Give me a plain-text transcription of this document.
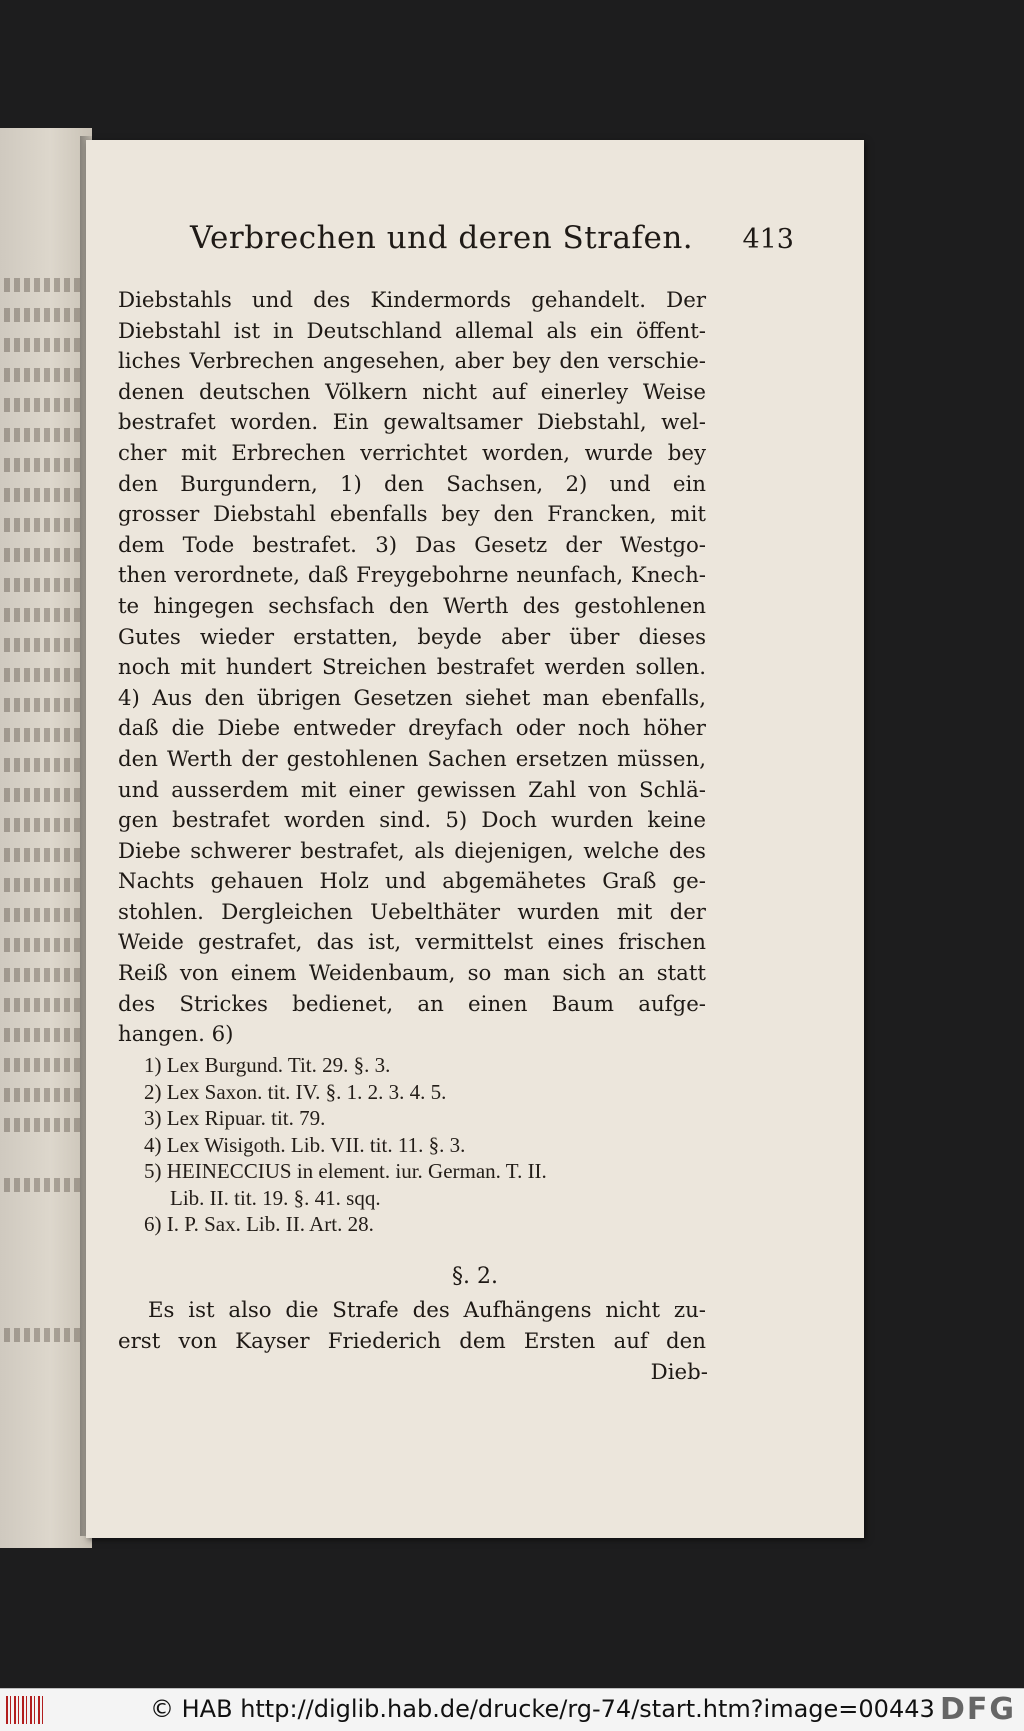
Verbrechen und deren Strafen. 413
Diebstahls und des Kindermords gehandelt. Der
Diebstahl ist in Deutschland allemal als ein öffent-
liches Verbrechen angesehen, aber bey den verschie-
denen deutschen Völkern nicht auf einerley Weise
bestrafet worden. Ein gewaltsamer Diebstahl, wel-
cher mit Erbrechen verrichtet worden, wurde bey
den Burgundern, 1) den Sachsen, 2) und ein
grosser Diebstahl ebenfalls bey den Francken, mit
dem Tode bestrafet. 3) Das Gesetz der Westgo-
then verordnete, daß Freygebohrne neunfach, Knech-
te hingegen sechsfach den Werth des gestohlenen
Gutes wieder erstatten, beyde aber über dieses
noch mit hundert Streichen bestrafet werden sollen.
4) Aus den übrigen Gesetzen siehet man ebenfalls,
daß die Diebe entweder dreyfach oder noch höher
den Werth der gestohlenen Sachen ersetzen müssen,
und ausserdem mit einer gewissen Zahl von Schlä-
gen bestrafet worden sind. 5) Doch wurden keine
Diebe schwerer bestrafet, als diejenigen, welche des
Nachts gehauen Holz und abgemähetes Graß ge-
stohlen. Dergleichen Uebelthäter wurden mit der
Weide gestrafet, das ist, vermittelst eines frischen
Reiß von einem Weidenbaum, so man sich an statt
des Strickes bedienet, an einen Baum aufge-
hangen. 6)
1) Lex Burgund. Tit. 29. §. 3.
2) Lex Saxon. tit. IV. §. 1. 2. 3. 4. 5.
3) Lex Ripuar. tit. 79.
4) Lex Wisigoth. Lib. VII. tit. 11. §. 3.
5) HEINECCIUS in element. iur. German. T. II.
Lib. II. tit. 19. §. 41. sqq.
6) I. P. Sax. Lib. II. Art. 28.
§. 2.
Es ist also die Strafe des Aufhängens nicht zu-
erst von Kayser Friederich dem Ersten auf den
Dieb-
© HAB http://diglib.hab.de/drucke/rg-74/start.htm?image=00443 DFG
